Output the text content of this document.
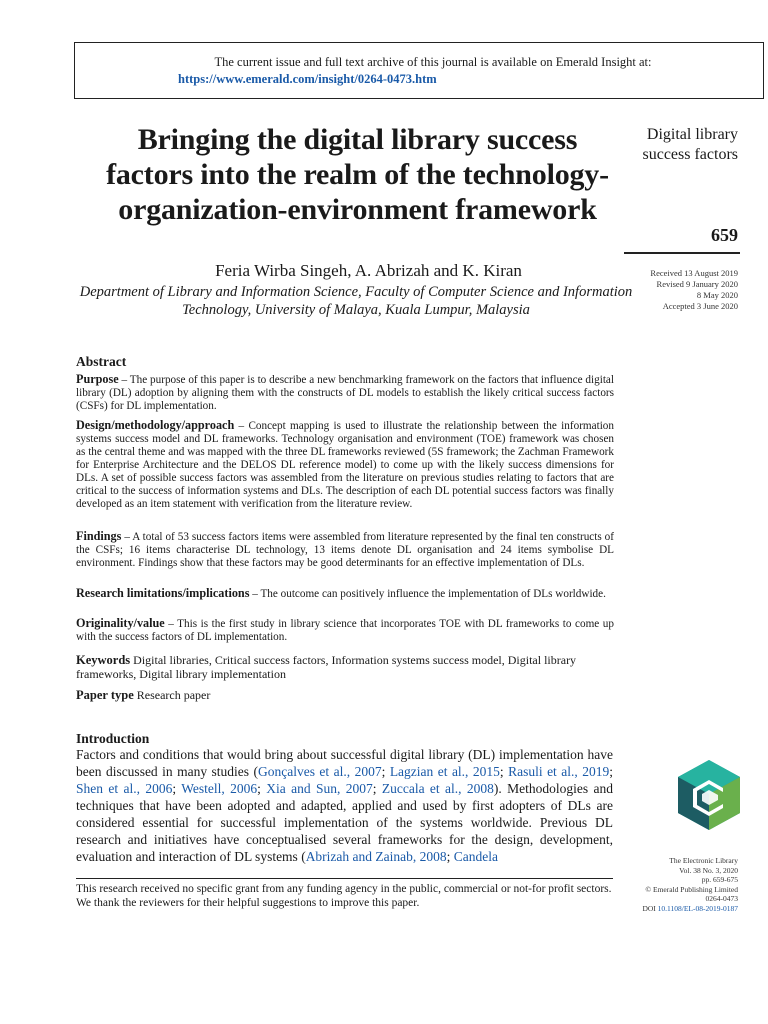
The current issue and full text archive of this journal is available on Emerald Insight at:
https://www.emerald.com/insight/0264-0473.htm
Bringing the digital library success factors into the realm of the technology-organization-environment framework
Feria Wirba Singeh, A. Abrizah and K. Kiran
Department of Library and Information Science, Faculty of Computer Science and Information Technology, University of Malaya, Kuala Lumpur, Malaysia
Digital library success factors
659
Received 13 August 2019
Revised 9 January 2020
8 May 2020
Accepted 3 June 2020
Abstract
Purpose – The purpose of this paper is to describe a new benchmarking framework on the factors that influence digital library (DL) adoption by aligning them with the constructs of DL models to establish the likely critical success factors (CSFs) for DL implementation.
Design/methodology/approach – Concept mapping is used to illustrate the relationship between the information systems success model and DL frameworks. Technology organisation and environment (TOE) framework was chosen as the central theme and was mapped with the three DL frameworks reviewed (5S framework; the Zachman Framework for Enterprise Architecture and the DELOS DL reference model) to come up with the likely success dimensions for DLs. A set of possible success factors was assembled from the literature on previous studies relating to factors that are critical to the success of information systems and DLs. The description of each DL potential success factors was finally developed as an item statement with verification from the literature review.
Findings – A total of 53 success factors items were assembled from literature represented by the final ten constructs of the CSFs; 16 items characterise DL technology, 13 items denote DL organisation and 24 items symbolise DL environment. Findings show that these factors may be good determinants for an effective implementation of DLs.
Research limitations/implications – The outcome can positively influence the implementation of DLs worldwide.
Originality/value – This is the first study in library science that incorporates TOE with DL frameworks to come up with the success factors of DL implementation.
Keywords Digital libraries, Critical success factors, Information systems success model, Digital library frameworks, Digital library implementation
Paper type Research paper
Introduction
Factors and conditions that would bring about successful digital library (DL) implementation have been discussed in many studies (Gonçalves et al., 2007; Lagzian et al., 2015; Rasuli et al., 2019; Shen et al., 2006; Westell, 2006; Xia and Sun, 2007; Zuccala et al., 2008). Methodologies and techniques that have been adopted and adapted, applied and used by first adopters of DLs are considered essential for successful implementation of the systems worldwide. Previous DL research and initiatives have conceptualised several frameworks for the design, development, evaluation and interaction of DL systems (Abrizah and Zainab, 2008; Candela
This research received no specific grant from any funding agency in the public, commercial or not-for profit sectors. We thank the reviewers for their helpful suggestions to improve this paper.
The Electronic Library
Vol. 38 No. 3, 2020
pp. 659-675
© Emerald Publishing Limited
0264-0473
DOI 10.1108/EL-08-2019-0187
